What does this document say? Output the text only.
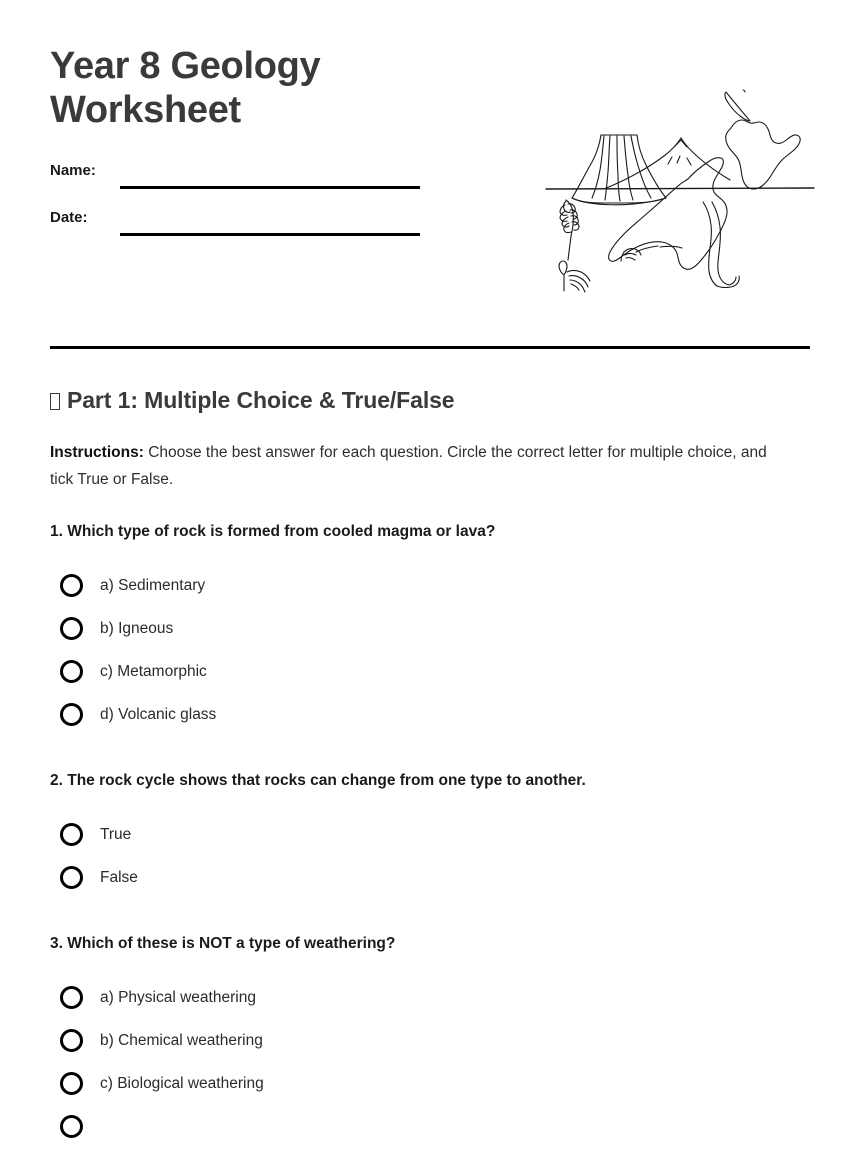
Year 8 Geology Worksheet
Name:
Date:
Part 1: Multiple Choice & True/False

Instructions: Choose the best answer for each question. Circle the correct letter for multiple choice, and tick True or False.

1. Which type of rock is formed from cooled magma or lava?

a) Sedimentary
b) Igneous
c) Metamorphic
d) Volcanic glass

2. The rock cycle shows that rocks can change from one type to another.

True
False

3. Which of these is NOT a type of weathering?

a) Physical weathering
b) Chemical weathering
c) Biological weathering
